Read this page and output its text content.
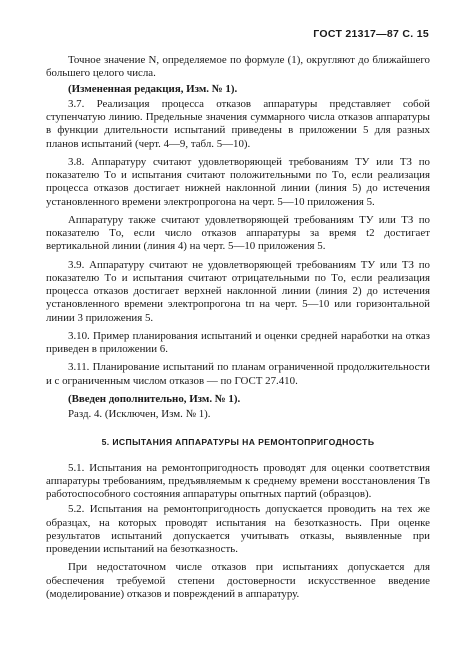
ГОСТ 21317—87 С. 15

Точное значение N, определяемое по формуле (1), округляют до ближайшего большего целого числа.

(Измененная редакция, Изм. № 1).

3.7. Реализация процесса отказов аппаратуры представляет собой ступенчатую линию. Предельные значения суммарного числа отказов аппаратуры в функции длительности испытаний приведены в приложении 5 для разных планов испытаний (черт. 4—9, табл. 5—10).

3.8. Аппаратуру считают удовлетворяющей требованиям ТУ или ТЗ по показателю Tо и испытания считают положительными по Tо, если реализация процесса отказов достигает нижней наклонной линии (линия 5) до истечения установленного времени электропрогона на черт. 5—10 приложения 5.

Аппаратуру также считают удовлетворяющей требованиям ТУ или ТЗ по показателю Tо, если число отказов аппаратуры за время t2 достигает вертикальной линии (линия 4) на черт. 5—10 приложения 5.

3.9. Аппаратуру считают не удовлетворяющей требованиям ТУ или ТЗ по показателю Tо и испытания считают отрицательными по Tо, если реализация процесса отказов достигает верхней наклонной линии (линия 2) до истечения установленного времени электропрогона tп на черт. 5—10 или горизонтальной линии 3 приложения 5.

3.10. Пример планирования испытаний и оценки средней наработки на отказ приведен в приложении 6.

3.11. Планирование испытаний по планам ограниченной продолжительности и с ограниченным числом отказов — по ГОСТ 27.410.

(Введен дополнительно, Изм. № 1).

Разд. 4. (Исключен, Изм. № 1).

5. ИСПЫТАНИЯ АППАРАТУРЫ НА РЕМОНТОПРИГОДНОСТЬ

5.1. Испытания на ремонтопригодность проводят для оценки соответствия аппаратуры требованиям, предъявляемым к среднему времени восстановления Tв работоспособного состояния аппаратуры опытных партий (образцов).

5.2. Испытания на ремонтопригодность допускается проводить на тех же образцах, на которых проводят испытания на безотказность. При оценке результатов испытаний допускается учитывать отказы, выявленные при проведении испытаний на безотказность.

При недостаточном числе отказов при испытаниях допускается для обеспечения требуемой степени достоверности искусственное введение (моделирование) отказов и повреждений в аппаратуру.
